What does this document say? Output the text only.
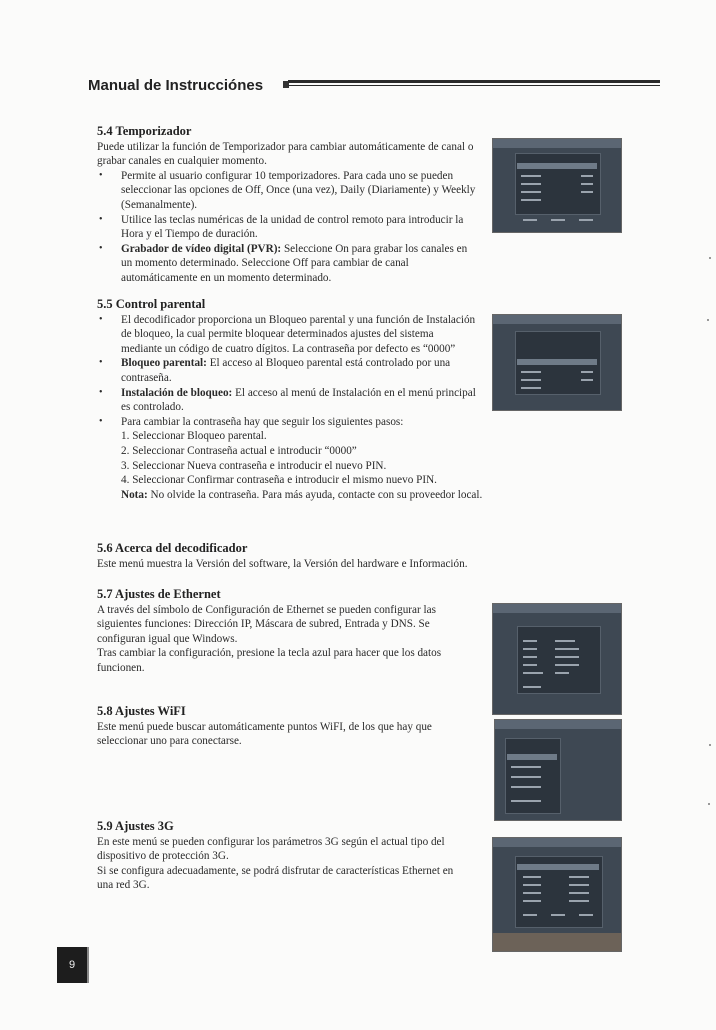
Manual de Instrucciónes
5.4 Temporizador

Puede utilizar la función de Temporizador para cambiar automáticamente de canal o grabar canales en cualquier momento.

• Permite al usuario configurar 10 temporizadores. Para cada uno se pueden seleccionar las opciones de Off, Once (una vez), Daily (Diariamente) y Weekly (Semanalmente).
• Utilice las teclas numéricas de la unidad de control remoto para introducir la Hora y el Tiempo de duración.
• Grabador de vídeo digital (PVR): Seleccione On para grabar los canales en un momento determinado. Seleccione Off para cambiar de canal automáticamente en un momento determinado.
5.5 Control parental
• El decodificador proporciona un Bloqueo parental y una función de Instalación de bloqueo, la cual permite bloquear determinados ajustes del sistema mediante un código de cuatro dígitos. La contraseña por defecto es “0000”
• Bloqueo parental: El acceso al Bloqueo parental está controlado por una contraseña.
• Instalación de bloqueo: El acceso al menú de Instalación en el menú principal es controlado.
• Para cambiar la contraseña hay que seguir los siguientes pasos:
1. Seleccionar Bloqueo parental.
2. Seleccionar Contraseña actual e introducir “0000”
3. Seleccionar Nueva contraseña e introducir el nuevo PIN.
4. Seleccionar Confirmar contraseña e introducir el mismo nuevo PIN.
Nota: No olvide la contraseña. Para más ayuda, contacte con su proveedor local.
5.6 Acerca del decodificador

Este menú muestra la Versión del software, la Versión del hardware e Información.

5.7 Ajustes de Ethernet

A través del símbolo de Configuración de Ethernet se pueden configurar las siguientes funciones: Dirección IP, Máscara de subred, Entrada y DNS. Se configuran igual que Windows.

Tras cambiar la configuración, presione la tecla azul para hacer que los datos funcionen.

5.8 Ajustes WiFI

Este menú puede buscar automáticamente puntos WiFI, de los que hay que seleccionar uno para conectarse.

5.9 Ajustes 3G

En este menú se pueden configurar los parámetros 3G según el actual tipo del dispositivo de protección 3G.

Si se configura adecuadamente, se podrá disfrutar de características Ethernet en una red 3G.

9
